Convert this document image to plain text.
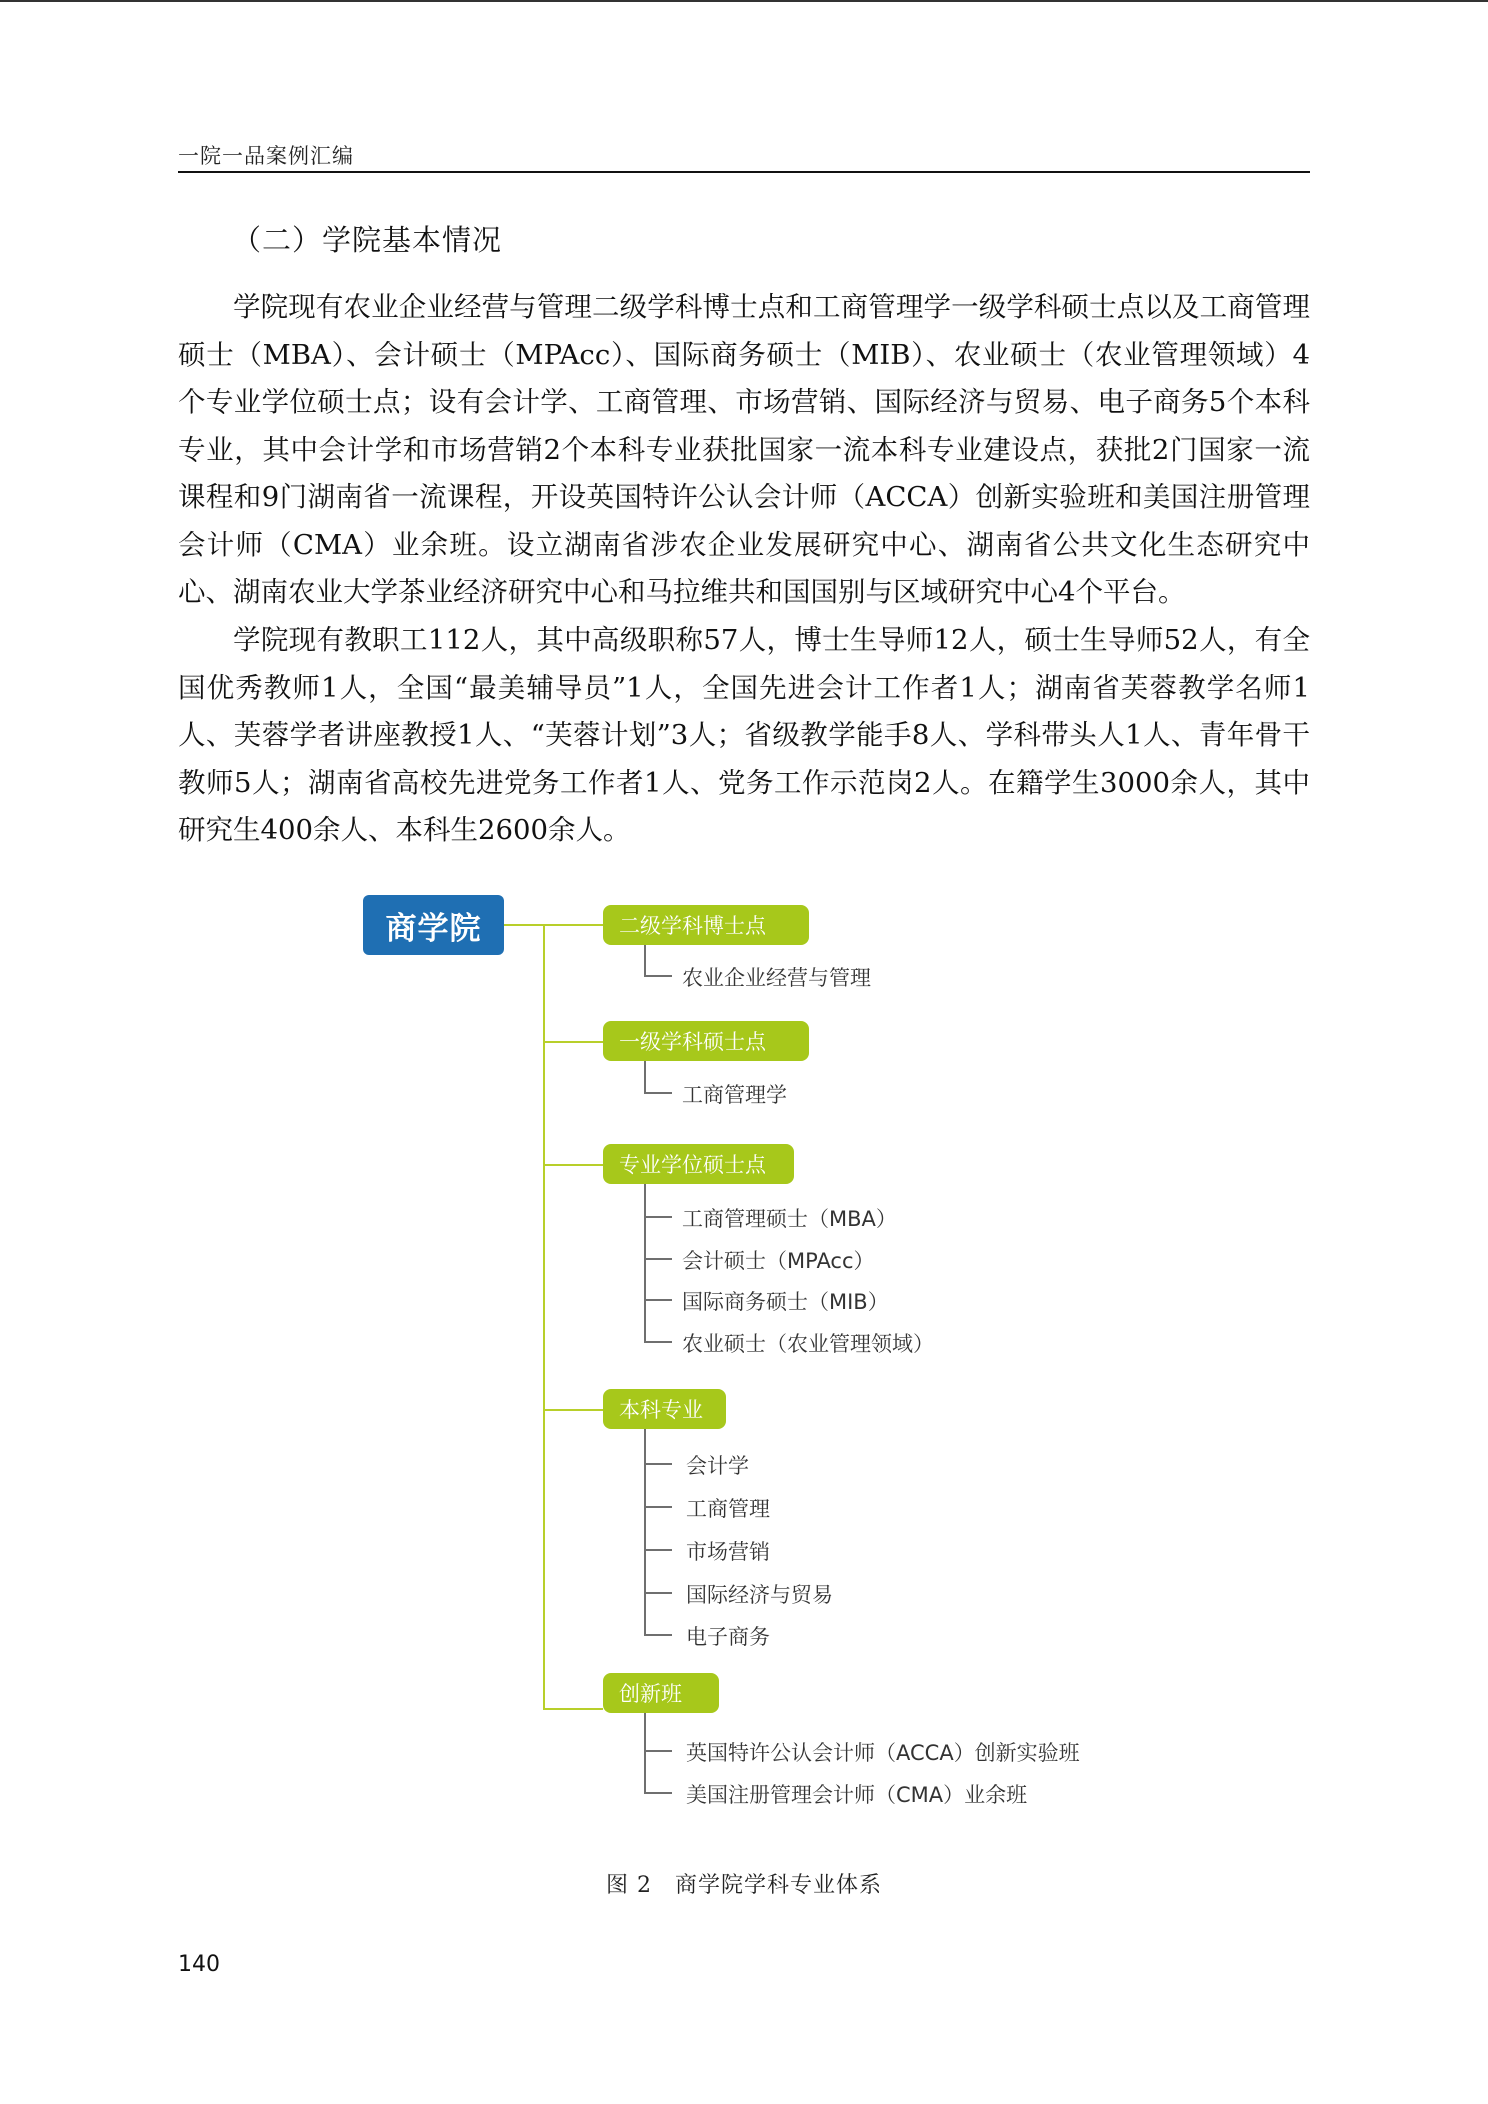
一院一品案例汇编
（二）学院基本情况

学院现有农业企业经营与管理二级学科博士点和工商管理学一级学科硕士点以及工商管理硕士（MBA）、会计硕士（MPAcc）、国际商务硕士（MIB）、农业硕士（农业管理领域）4个专业学位硕士点；设有会计学、工商管理、市场营销、国际经济与贸易、电子商务5个本科专业，其中会计学和市场营销2个本科专业获批国家一流本科专业建设点，获批2门国家一流课程和9门湖南省一流课程，开设英国特许公认会计师（ACCA）创新实验班和美国注册管理会计师（CMA）业余班。设立湖南省涉农企业发展研究中心、湖南省公共文化生态研究中心、湖南农业大学茶业经济研究中心和马拉维共和国国别与区域研究中心4个平台。

学院现有教职工112人，其中高级职称57人，博士生导师12人，硕士生导师52人，有全国优秀教师1人，全国“最美辅导员”1人，全国先进会计工作者1人；湖南省芙蓉教学名师1人、芙蓉学者讲座教授1人、“芙蓉计划”3人；省级教学能手8人、学科带头人1人、青年骨干教师5人；湖南省高校先进党务工作者1人、党务工作示范岗2人。在籍学生3000余人，其中研究生400余人、本科生2600余人。

商学院	二级学科博士点
农业企业经营与管理
一级学科硕士点
工商管理学
专业学位硕士点
工商管理硕士（MBA）
会计硕士（MPAcc）
国际商务硕士（MIB）
农业硕士（农业管理领域）
本科专业
会计学
工商管理
市场营销
国际经济与贸易
电子商务
创新班
英国特许公认会计师（ACCA）创新实验班
美国注册管理会计师（CMA）业余班
图 2　商学院学科专业体系
140
